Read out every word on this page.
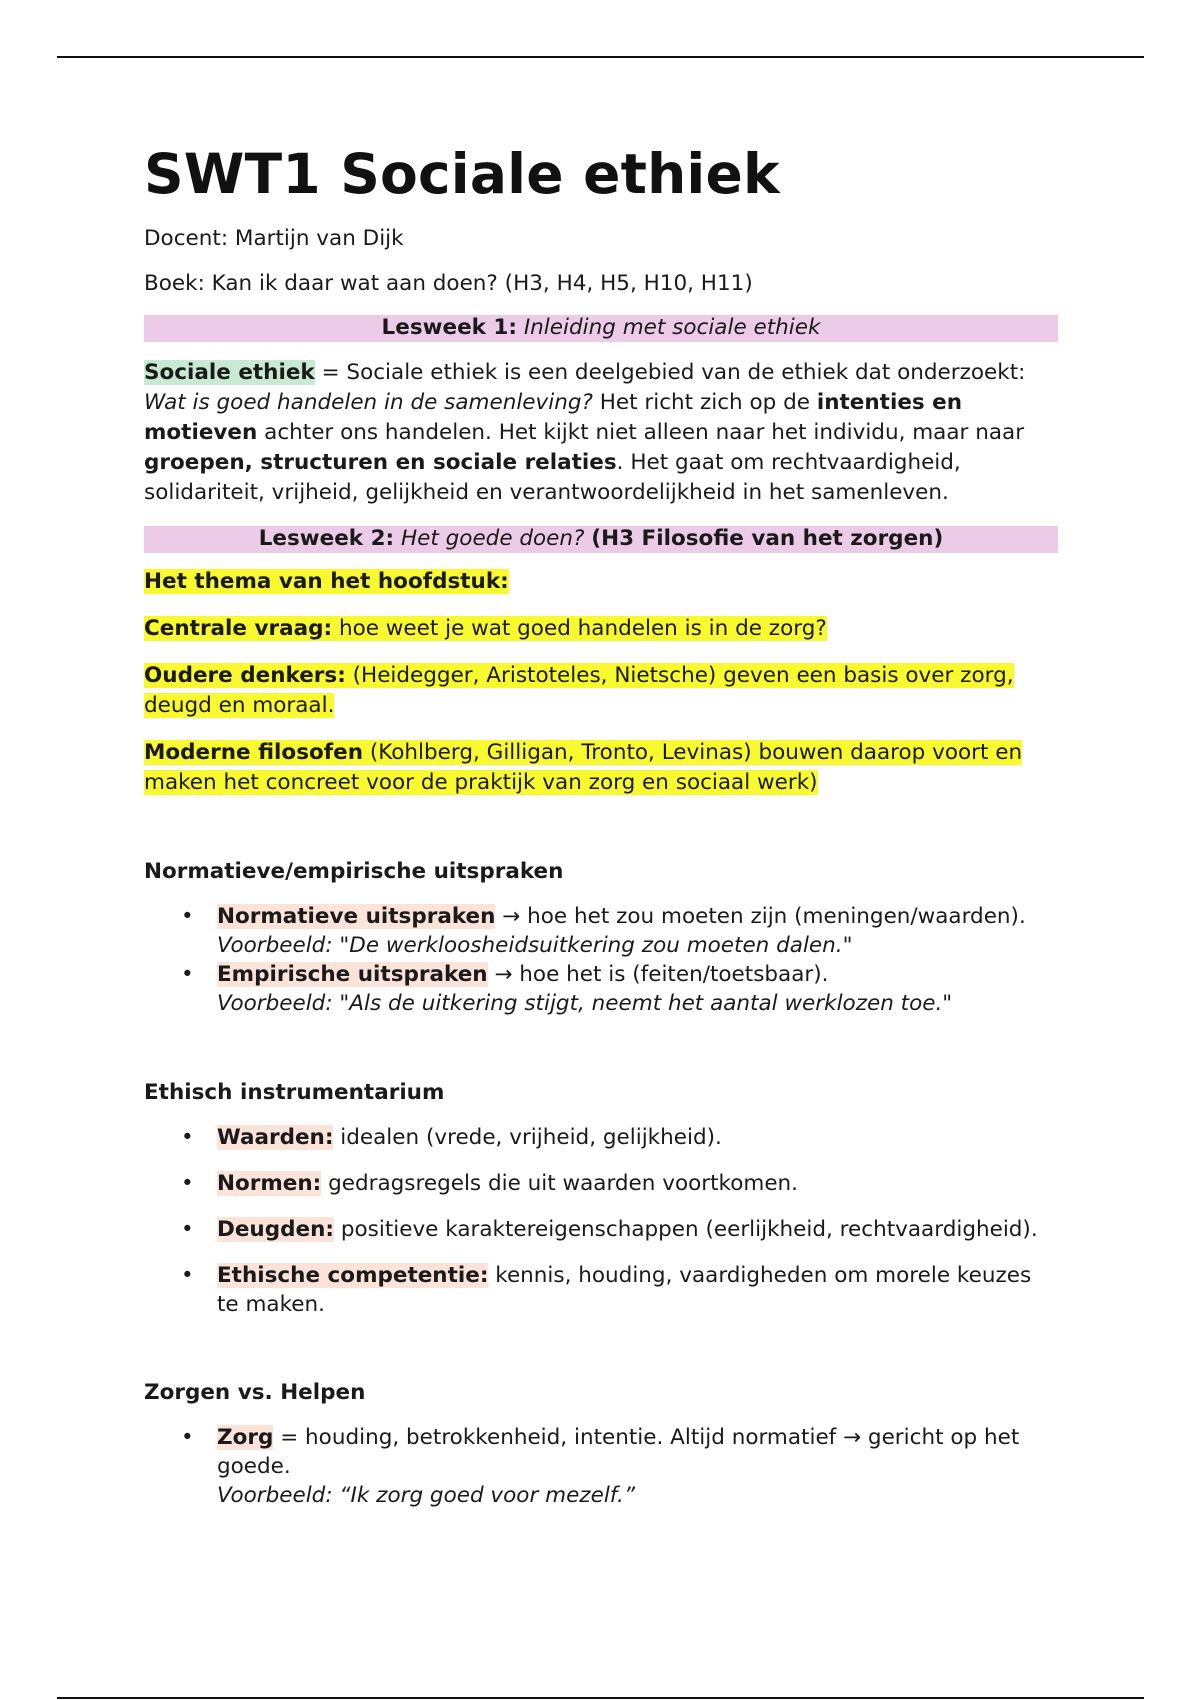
SWT1 Sociale ethiek

Docent: Martijn van Dijk

Boek: Kan ik daar wat aan doen? (H3, H4, H5, H10, H11)

Lesweek 1: Inleiding met sociale ethiek

Sociale ethiek = Sociale ethiek is een deelgebied van de ethiek dat onderzoekt: Wat is goed handelen in de samenleving? Het richt zich op de intenties en motieven achter ons handelen. Het kijkt niet alleen naar het individu, maar naar groepen, structuren en sociale relaties. Het gaat om rechtvaardigheid, solidariteit, vrijheid, gelijkheid en verantwoordelijkheid in het samenleven.

Lesweek 2: Het goede doen? (H3 Filosofie van het zorgen)

Het thema van het hoofdstuk:

Centrale vraag: hoe weet je wat goed handelen is in de zorg?

Oudere denkers: (Heidegger, Aristoteles, Nietsche) geven een basis over zorg, deugd en moraal.

Moderne filosofen (Kohlberg, Gilligan, Tronto, Levinas) bouwen daarop voort en maken het concreet voor de praktijk van zorg en sociaal werk)

Normatieve/empirische uitspraken

• Normatieve uitspraken → hoe het zou moeten zijn (meningen/waarden).
Voorbeeld: "De werkloosheidsuitkering zou moeten dalen."
• Empirische uitspraken → hoe het is (feiten/toetsbaar).
Voorbeeld: "Als de uitkering stijgt, neemt het aantal werklozen toe."

Ethisch instrumentarium

• Waarden: idealen (vrede, vrijheid, gelijkheid).
• Normen: gedragsregels die uit waarden voortkomen.
• Deugden: positieve karaktereigenschappen (eerlijkheid, rechtvaardigheid).
• Ethische competentie: kennis, houding, vaardigheden om morele keuzes te maken.

Zorgen vs. Helpen

• Zorg = houding, betrokkenheid, intentie. Altijd normatief → gericht op het goede.
Voorbeeld: “Ik zorg goed voor mezelf.”
